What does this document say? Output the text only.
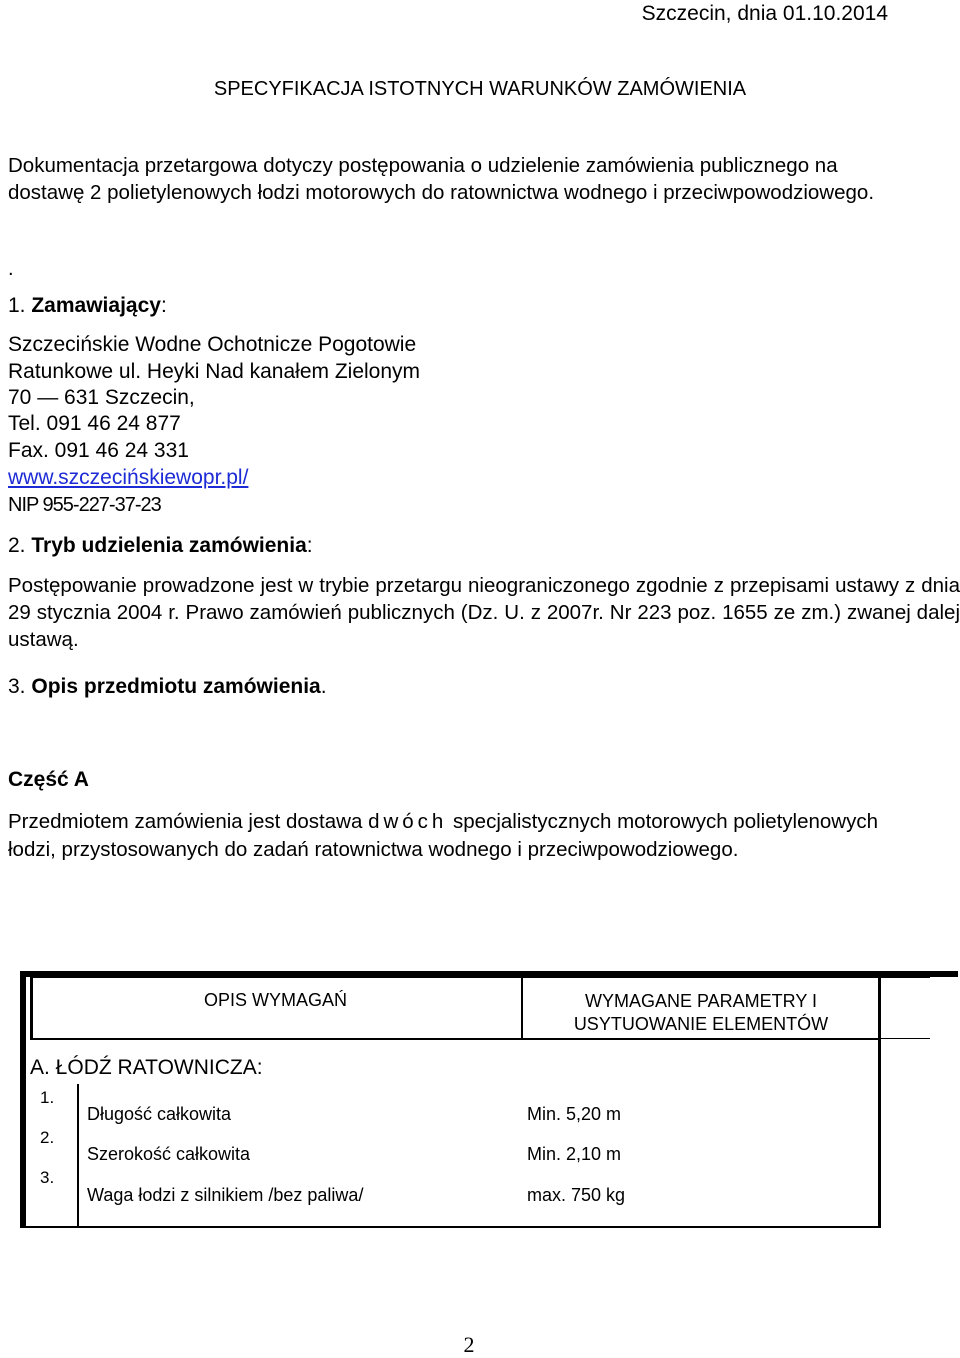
Szczecin, dnia 01.10.2014
SPECYFIKACJA ISTOTNYCH WARUNKÓW ZAMÓWIENIA
Dokumentacja przetargowa dotyczy postępowania o udzielenie zamówienia publicznego na dostawę 2 polietylenowych łodzi motorowych do ratownictwa wodnego i przeciwpowodziowego.
.
1. Zamawiający:
Szczecińskie Wodne Ochotnicze Pogotowie
Ratunkowe ul. Heyki Nad kanałem Zielonym
70 — 631 Szczecin,
Tel. 091 46 24 877
Fax. 091 46 24 331
www.szczecińskiewopr.pl/
NIP 955-227-37-23
2. Tryb udzielenia zamówienia:
Postępowanie prowadzone jest w trybie przetargu nieograniczonego zgodnie z przepisami ustawy z dnia 29 stycznia 2004 r. Prawo zamówień publicznych (Dz. U. z 2007r. Nr 223 poz. 1655 ze zm.) zwanej dalej ustawą.
3. Opis przedmiotu zamówienia.
Część A
Przedmiotem zamówienia jest dostawa dwóch specjalistycznych motorowych polietylenowych łodzi, przystosowanych do zadań ratownictwa wodnego i przeciwpowodziowego.
OPIS WYMAGAŃ	WYMAGANE PARAMETRY I USYTUOWANIE ELEMENTÓW
A. ŁÓDŹ RATOWNICZA:
1.
Długość całkowita	Min. 5,20 m
2.
Szerokość całkowita	Min. 2,10 m
3.
Waga łodzi z silnikiem /bez paliwa/	max. 750 kg
2
